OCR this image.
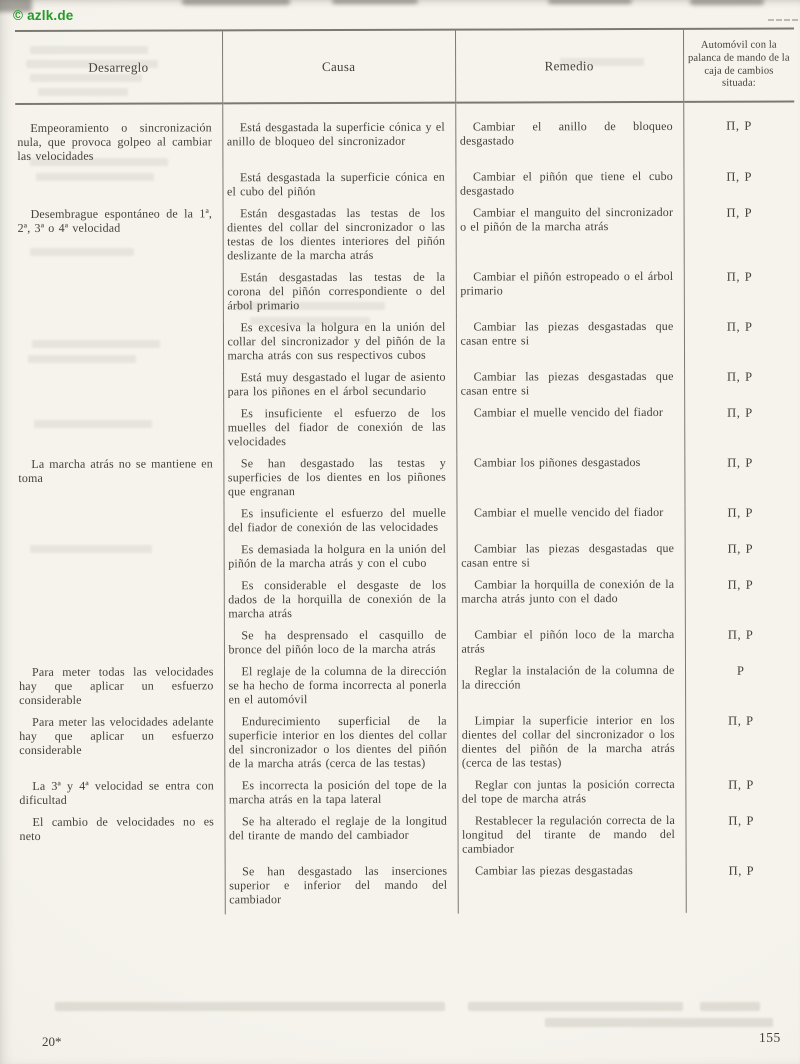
© azlk.de
Desarreglo	Causa	Remedio	Automóvil con la palanca de mando de la caja de cambios situada:
Empeoramiento o sincronización nula, que provoca golpeo al cambiar las velocidades	Está desgastada la superficie cónica y el anillo de bloqueo del sincronizador	Cambiar el anillo de bloqueo desgastado	П, Р
	Está desgastada la superficie cónica en el cubo del piñón	Cambiar el piñón que tiene el cubo desgastado	П, Р
Desembrague espontáneo de la 1ª, 2ª, 3ª o 4ª velocidad	Están desgastadas las testas de los dientes del collar del sincronizador o las testas de los dientes interiores del piñón deslizante de la marcha atrás	Cambiar el manguito del sincronizador o el piñón de la marcha atrás	П, Р
	Están desgastadas las testas de la corona del piñón correspondiente o del árbol primario	Cambiar el piñón estropeado o el árbol primario	П, Р
	Es excesiva la holgura en la unión del collar del sincronizador y del piñón de la marcha atrás con sus respectivos cubos	Cambiar las piezas desgastadas que casan entre si	П, Р
	Está muy desgastado el lugar de asiento para los piñones en el árbol secundario	Cambiar las piezas desgastadas que casan entre si	П, Р
	Es insuficiente el esfuerzo de los muelles del fiador de conexión de las velocidades	Cambiar el muelle vencido del fiador	П, Р
La marcha atrás no se mantiene en toma	Se han desgastado las testas y superficies de los dientes en los piñones que engranan	Cambiar los piñones desgastados	П, Р
	Es insuficiente el esfuerzo del muelle del fiador de conexión de las velocidades	Cambiar el muelle vencido del fiador	П, Р
	Es demasiada la holgura en la unión del piñón de la marcha atrás y con el cubo	Cambiar las piezas desgastadas que casan entre si	П, Р
	Es considerable el desgaste de los dados de la horquilla de conexión de la marcha atrás	Cambiar la horquilla de conexión de la marcha atrás junto con el dado	П, Р
	Se ha desprensado el casquillo de bronce del piñón loco de la marcha atrás	Cambiar el piñón loco de la marcha atrás	П, Р
Para meter todas las velocidades hay que aplicar un esfuerzo considerable	El reglaje de la columna de la dirección se ha hecho de forma incorrecta al ponerla en el automóvil	Reglar la instalación de la columna de la dirección	Р
Para meter las velocidades adelante hay que aplicar un esfuerzo considerable	Endurecimiento superficial de la superficie interior en los dientes del collar del sincronizador o los dientes del piñón de la marcha atrás (cerca de las testas)	Limpiar la superficie interior en los dientes del collar del sincronizador o los dientes del piñón de la marcha atrás (cerca de las testas)	П, Р
La 3ª y 4ª velocidad se entra con dificultad	Es incorrecta la posición del tope de la marcha atrás en la tapa lateral	Reglar con juntas la posición correcta del tope de marcha atrás	П, Р
El cambio de velocidades no es neto	Se ha alterado el reglaje de la longitud del tirante de mando del cambiador	Restablecer la regulación correcta de la longitud del tirante de mando del cambiador	П, Р
	Se han desgastado las inserciones superior e inferior del mando del cambiador	Cambiar las piezas desgastadas	П, Р
20*	155
